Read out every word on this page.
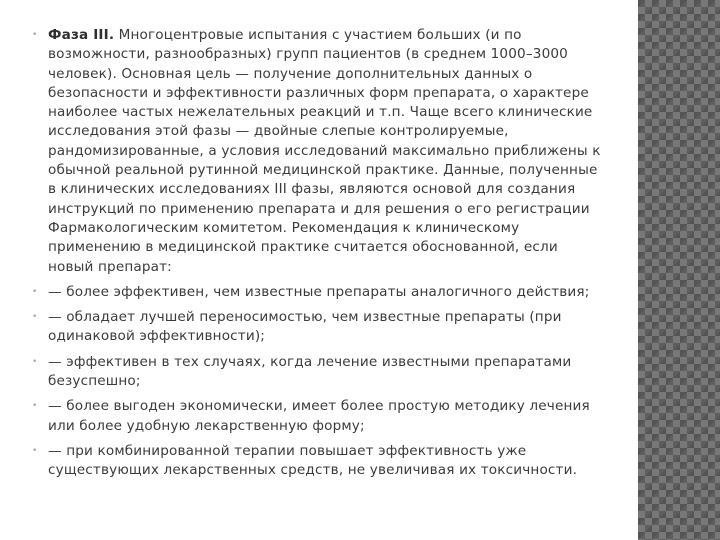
• Фаза III. Многоцентровые испытания с участием больших (и по возможности, разнообразных) групп пациентов (в среднем 1000–3000 человек). Основная цель — получение дополнительных данных о безопасности и эффективности различных форм препарата, о характере наиболее частых нежелательных реакций и т.п. Чаще всего клинические исследования этой фазы — двойные слепые контролируемые, рандомизированные, а условия исследований максимально приближены к обычной реальной рутинной медицинской практике. Данные, полученные в клинических исследованиях III фазы, являются основой для создания инструкций по применению препарата и для решения о его регистрации Фармакологическим комитетом. Рекомендация к клиническому применению в медицинской практике считается обоснованной, если новый препарат:
• — более эффективен, чем известные препараты аналогичного действия;
• — обладает лучшей переносимостью, чем известные препараты (при одинаковой эффективности);
• — эффективен в тех случаях, когда лечение известными препаратами безуспешно;
• — более выгоден экономически, имеет более простую методику лечения или более удобную лекарственную форму;
• — при комбинированной терапии повышает эффективность уже существующих лекарственных средств, не увеличивая их токсичности.
